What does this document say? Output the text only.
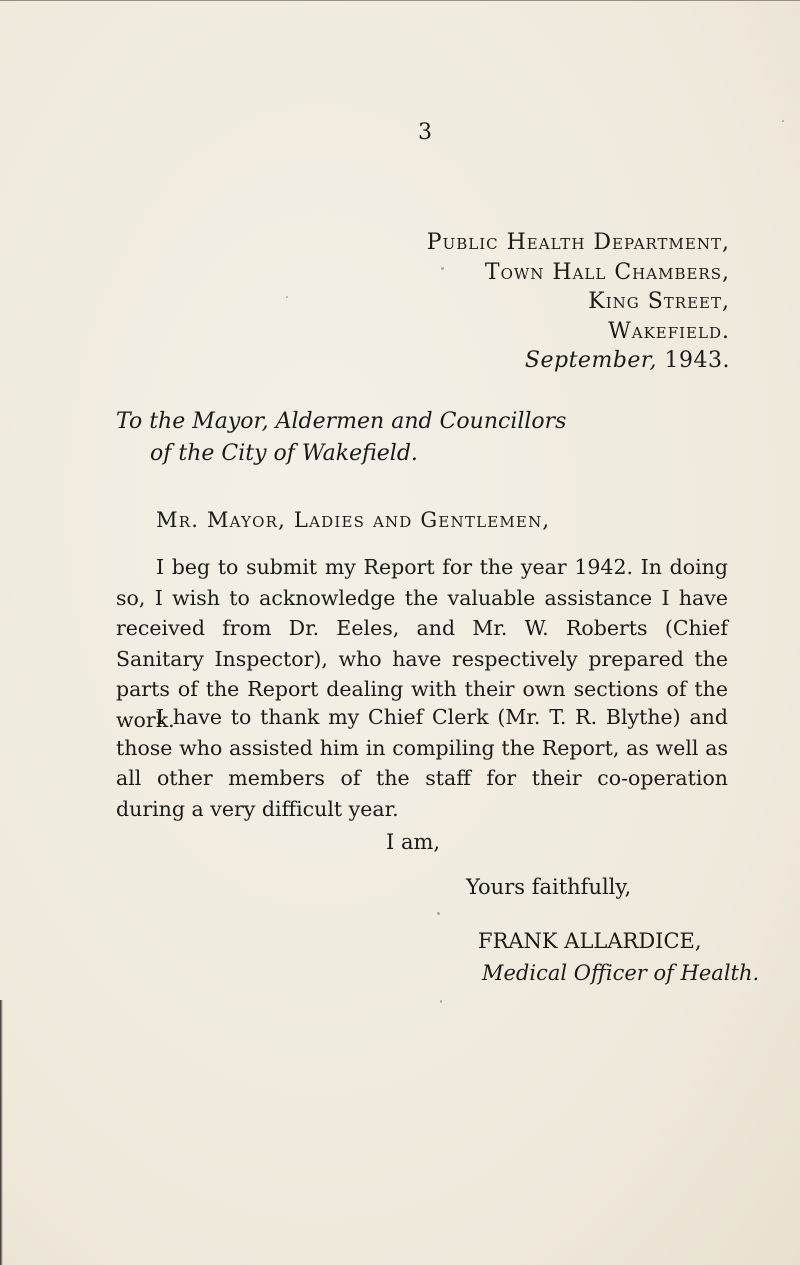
3
Public Health Department,
Town Hall Chambers,
King Street,
Wakefield.
September, 1943.
To the Mayor, Aldermen and Councillors
of the City of Wakefield.
Mr. Mayor, Ladies and Gentlemen,
I beg to submit my Report for the year 1942. In doing so, I wish to acknowledge the valuable assistance I have received from Dr. Eeles, and Mr. W. Roberts (Chief Sanitary Inspector), who have respectively prepared the parts of the Report dealing with their own sections of the work.
I have to thank my Chief Clerk (Mr. T. R. Blythe) and those who assisted him in compiling the Report, as well as all other members of the staff for their co-operation during a very difficult year.
I am,
Yours faithfully,
FRANK ALLARDICE,
Medical Officer of Health.
